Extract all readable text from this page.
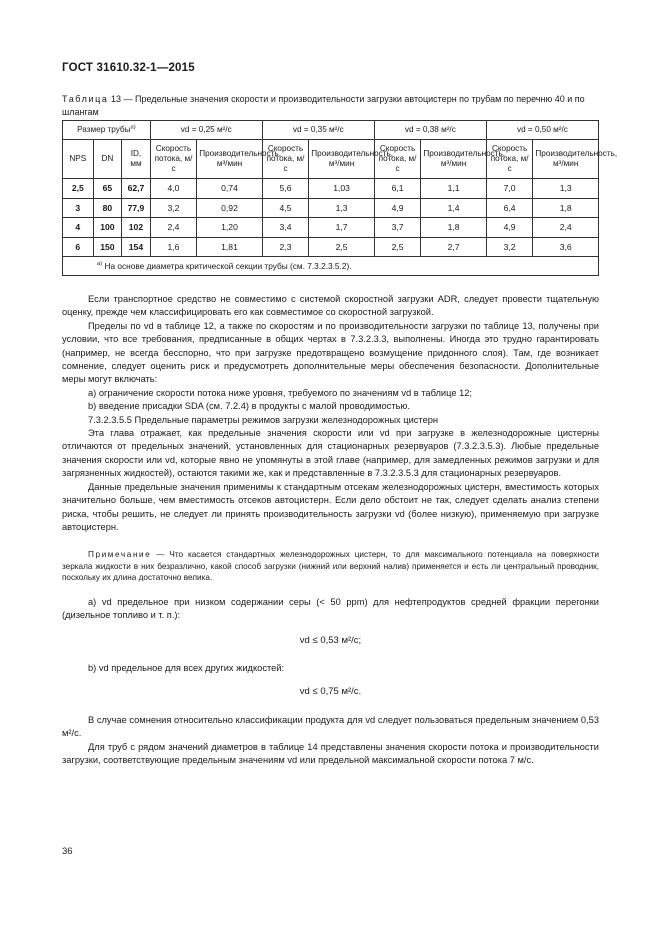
ГОСТ 31610.32-1—2015
Таблица 13 — Предельные значения скорости и производительности загрузки автоцистерн по трубам по перечню 40 и по шлангам
Размер трубы$^{a)}$			vd = 0,25 м²/с		vd = 0,35 м²/с		vd = 0,38 м²/с		vd = 0,50 м²/с	
NPS	DN	ID, мм	Скорость потока, м/с	Производительность, м³/мин	Скорость потока, м/с	Производительность, м³/мин	Скорость потока, м/с	Производительность, м³/мин	Скорость потока, м/с	Производительность, м³/мин
2,5	65	62,7	4,0	0,74	5,6	1,03	6,1	1,1	7,0	1,3
3	80	77,9	3,2	0,92	4,5	1,3	4,9	1,4	6,4	1,8
4	100	102	2,4	1,20	3,4	1,7	3,7	1,8	4,9	2,4
6	150	154	1,6	1,81	2,3	2,5	2,5	2,7	3,2	3,6
$^{a)}$ На основе диаметра критической секции трубы (см. 7.3.2.3.5.2).										

Если транспортное средство не совместимо с системой скоростной загрузки ADR, следует провести тщательную оценку, прежде чем классифицировать его как совместимое со скоростной загрузкой.

Пределы по vd в таблице 12, а также по скоростям и по производительности загрузки по таблице 13, получены при условии, что все требования, предписанные в общих чертах в 7.3.2.3.3, выполнены. Иногда это трудно гарантировать (например, не всегда бесспорно, что при загрузке предотвращено возмущение придонного слоя). Там, где возникает сомнение, следует оценить риск и предусмотреть дополнительные меры обеспечения безопасности. Дополнительные меры могут включать:

a) ограничение скорости потока ниже уровня, требуемого по значениям vd в таблице 12;

b) введение присадки SDA (см. 7.2.4) в продукты с малой проводимостью.

7.3.2.3.5.5 Предельные параметры режимов загрузки железнодорожных цистерн

Эта глава отражает, как предельные значения скорости или vd при загрузке в железнодорожные цистерны отличаются от предельных значений, установленных для стационарных резервуаров (7.3.2.3.5.3). Любые предельные значения скорости или vd, которые явно не упомянуты в этой главе (например, для замедленных режимов загрузки и для загрязненных жидкостей), остаются такими же, как и представленные в 7.3.2.3.5.3 для стационарных резервуаров.

Данные предельные значения применимы к стандартным отсекам железнодорожных цистерн, вместимость которых значительно больше, чем вместимость отсеков автоцистерн. Если дело обстоит не так, следует сделать анализ степени риска, чтобы решить, не следует ли принять производительность загрузки vd (более низкую), применяемую при загрузке автоцистерн.

Примечание — Что касается стандартных железнодорожных цистерн, то для максимального потенциала на поверхности зеркала жидкости в них безразлично, какой способ загрузки (нижний или верхний налив) применяется и есть ли центральный проводник, поскольку их длина достаточно велика.

a) vd предельное при низком содержании серы (< 50 ppm) для нефтепродуктов средней фракции перегонки (дизельное топливо и т. п.):

vd ≤ 0,53 м²/с;

b) vd предельное для всех других жидкостей:

vd ≤ 0,75 м²/с.

В случае сомнения относительно классификации продукта для vd следует пользоваться предельным значением 0,53 м²/с.

Для труб с рядом значений диаметров в таблице 14 представлены значения скорости потока и производительности загрузки, соответствующие предельным значениям vd или предельной максимальной скорости потока 7 м/с.

36
